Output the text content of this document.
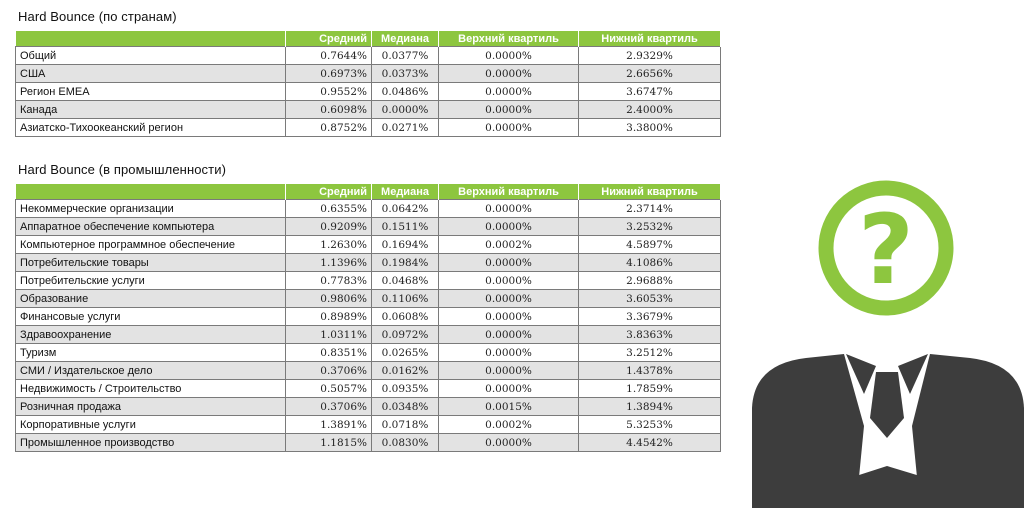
Hard Bounce (по странам)
	Средний	Медиана	Верхний квартиль	Нижний квартиль
Общий	0.7644%	0.0377%	0.0000%	2.9329%
США	0.6973%	0.0373%	0.0000%	2.6656%
Регион EMEA	0.9552%	0.0486%	0.0000%	3.6747%
Канада	0.6098%	0.0000%	0.0000%	2.4000%
Азиатско-Тихоокеанский регион	0.8752%	0.0271%	0.0000%	3.3800%
Hard Bounce (в промышленности)
	Средний	Медиана	Верхний квартиль	Нижний квартиль
Некоммерческие организации	0.6355%	0.0642%	0.0000%	2.3714%
Аппаратное обеспечение компьютера	0.9209%	0.1511%	0.0000%	3.2532%
Компьютерное программное обеспечение	1.2630%	0.1694%	0.0002%	4.5897%
Потребительские товары	1.1396%	0.1984%	0.0000%	4.1086%
Потребительские услуги	0.7783%	0.0468%	0.0000%	2.9688%
Образование	0.9806%	0.1106%	0.0000%	3.6053%
Финансовые услуги	0.8989%	0.0608%	0.0000%	3.3679%
Здравоохранение	1.0311%	0.0972%	0.0000%	3.8363%
Туризм	0.8351%	0.0265%	0.0000%	3.2512%
СМИ / Издательское дело	0.3706%	0.0162%	0.0000%	1.4378%
Недвижимость / Строительство	0.5057%	0.0935%	0.0000%	1.7859%
Розничная продажа	0.3706%	0.0348%	0.0015%	1.3894%
Корпоративные услуги	1.3891%	0.0718%	0.0002%	5.3253%
Промышленное производство	1.1815%	0.0830%	0.0000%	4.4542%
?
